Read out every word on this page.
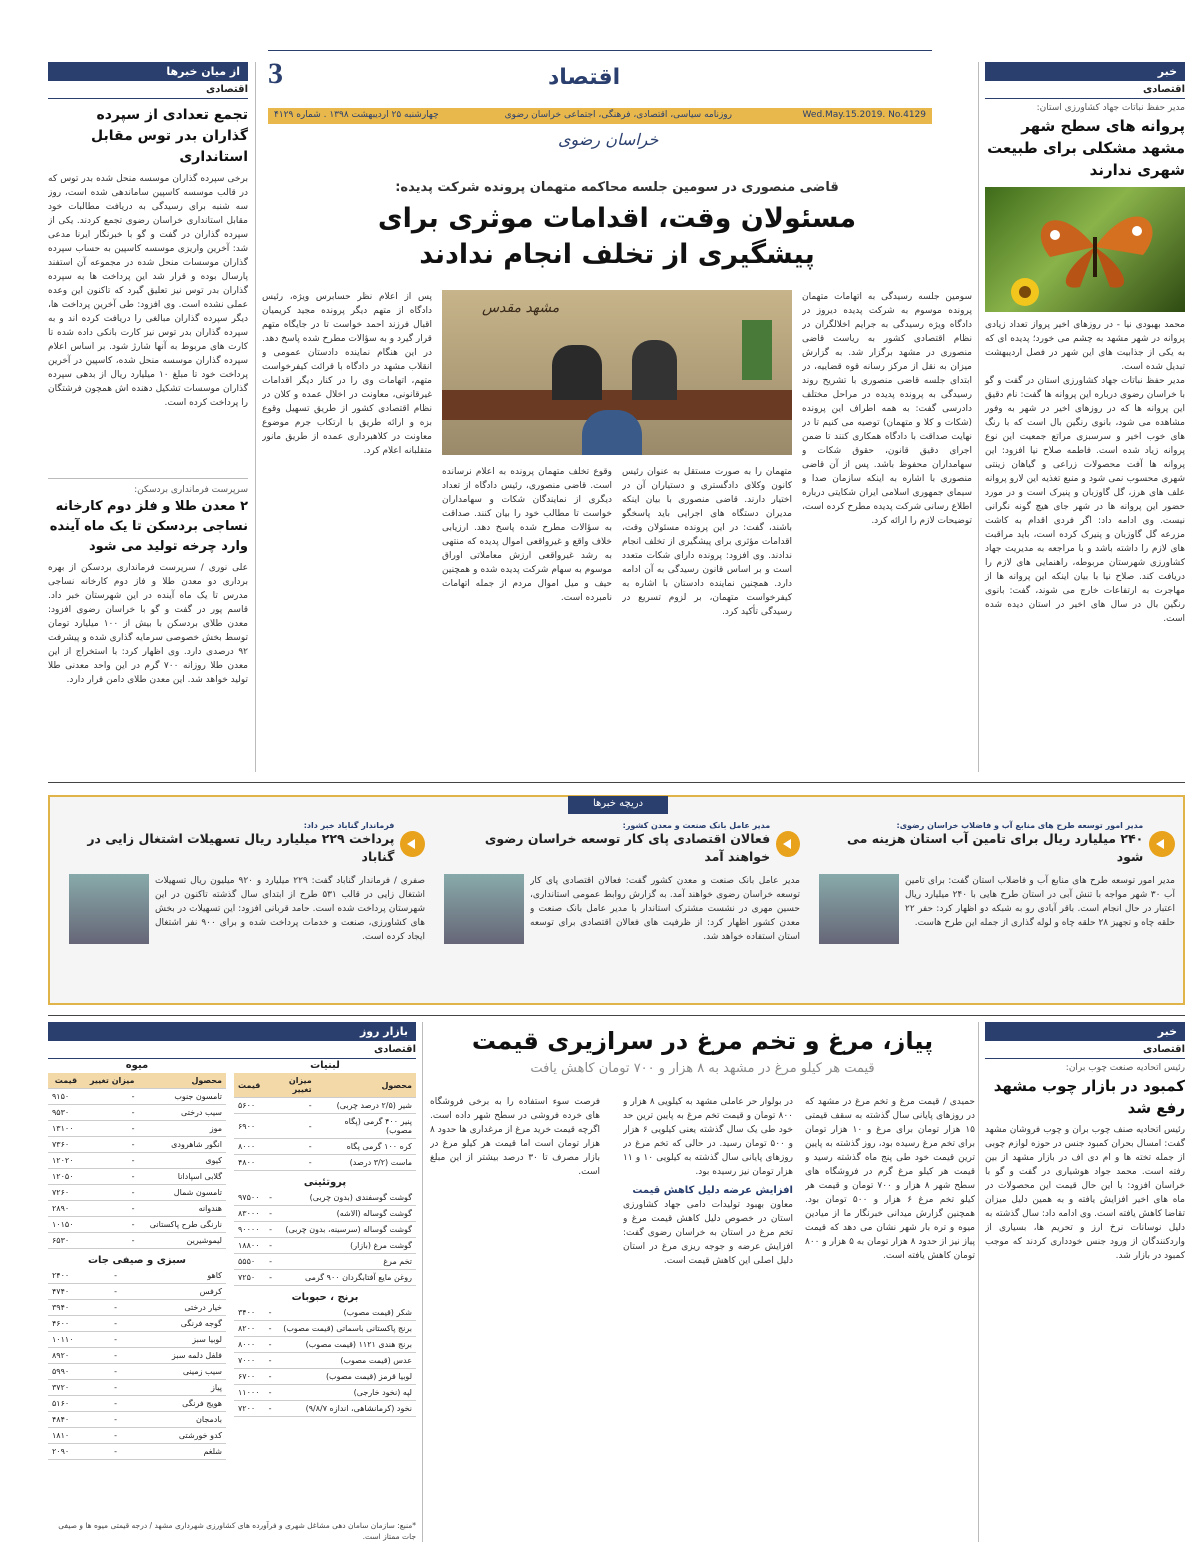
3	اقتصاد
Wed.May.15.2019. No.4129
روزنامه سیاسی، اقتصادی، فرهنگی، اجتماعی خراسان رضوی
چهارشنبه ۲۵ اردیبهشت ۱۳۹۸ . شماره ۴۱۲۹
خراسان رضوی
خبر
اقتصادی
مدیر حفظ نباتات جهاد کشاورزی استان:
پروانه های سطح شهر مشهد مشکلی برای طبیعت شهری ندارند
محمد بهبودی نیا - در روزهای اخیر پرواز تعداد زیادی پروانه در شهر مشهد به چشم می خورد؛ پدیده ای که به یکی از جذابیت های این شهر در فصل اردیبهشت تبدیل شده است.
مدیر حفظ نباتات جهاد کشاورزی استان در گفت و گو با خراسان رضوی درباره این پروانه ها گفت: نام دقیق این پروانه ها که در روزهای اخیر در شهر به وفور مشاهده می شود، بانوی رنگین بال است که با رنگ های خوب اخیر و سرسبزی مراتع جمعیت این نوع پروانه زیاد شده است. فاطمه صلاح نیا افزود: این پروانه ها آفت محصولات زراعی و گیاهان زینتی شهری محسوب نمی شود و منبع تغذیه این لارو پروانه علف های هرز، گل گاوزبان و پنیرک است و در مورد حضور این پروانه ها در شهر جای هیچ گونه نگرانی نیست. وی ادامه داد: اگر فردی اقدام به کاشت مزرعه گل گاوزبان و پنیرک کرده است، باید مراقبت های لازم را داشته باشد و با مراجعه به مدیریت جهاد کشاورزی شهرستان مربوطه، راهنمایی های لازم را دریافت کند. صلاح نیا با بیان اینکه این پروانه ها از مهاجرت به ارتفاعات خارج می شوند، گفت: بانوی رنگین بال در سال های اخیر در استان دیده شده است.
از میان خبرها
اقتصادی
تجمع تعدادی از سپرده گذاران بدر توس مقابل استانداری
برخی سپرده گذاران موسسه منحل شده بدر توس که در قالب موسسه کاسپین ساماندهی شده است، روز سه شنبه برای رسیدگی به دریافت مطالبات خود مقابل استانداری خراسان رضوی تجمع کردند. یکی از سپرده گذاران در گفت و گو با خبرنگار ایرنا مدعی شد: آخرین واریزی موسسه کاسپین به حساب سپرده گذاران موسسات منحل شده در مجموعه آن استفند پارسال بوده و قرار شد این پرداخت ها به سپرده گذاران بدر توس نیز تعلیق گیرد که تاکنون این وعده عملی نشده است. وی افزود: طی آخرین پرداخت ها، دیگر سپرده گذاران مبالغی را دریافت کرده اند و به سپرده گذاران بدر توس نیز کارت بانکی داده شده تا کارت های مربوط به آنها شارژ شود. بر اساس اعلام سپرده گذاران موسسه منحل شده، کاسپین در آخرین پرداخت خود تا مبلغ ۱۰ میلیارد ریال از بدهی سپرده گذاران موسسات تشکیل دهنده اش همچون فرشتگان را پرداخت کرده است.
سرپرست فرمانداری بردسکن:
۲ معدن طلا و فلز دوم کارخانه نساجی بردسکن تا یک ماه آینده وارد چرخه تولید می شود
علی نوری / سرپرست فرمانداری بردسکن از بهره برداری دو معدن طلا و فاز دوم کارخانه نساجی مدرس تا یک ماه آینده در این شهرستان خبر داد. قاسم پور در گفت و گو با خراسان رضوی افزود: معدن طلای بردسکن با بیش از ۱۰۰ میلیارد تومان توسط بخش خصوصی سرمایه گذاری شده و پیشرفت ۹۲ درصدی دارد. وی اظهار کرد: با استخراج از این معدن طلا روزانه ۷۰۰ گرم در این واحد معدنی طلا تولید خواهد شد. این معدن طلای دامن قرار دارد.
قاضی منصوری در سومین جلسه محاکمه متهمان پرونده شرکت پدیده:
مسئولان وقت، اقدامات موثری برای پیشگیری از تخلف انجام ندادند
سومین جلسه رسیدگی به اتهامات متهمان پرونده موسوم به شرکت پدیده دیروز در دادگاه ویژه رسیدگی به جرایم اخلالگران در نظام اقتصادی کشور به ریاست قاضی منصوری در مشهد برگزار شد. به گزارش میزان به نقل از مرکز رسانه قوه قضاییه، در ابتدای جلسه قاضی منصوری با تشریح روند رسیدگی به پرونده پدیده در مراحل مختلف دادرسی گفت: به همه اطراف این پرونده (شکات و کلا و متهمان) توصیه می کنیم تا در نهایت صداقت با دادگاه همکاری کنند تا ضمن اجرای دقیق قانون، حقوق شکات و سهامداران محفوظ باشد. پس از آن قاضی منصوری با اشاره به اینکه سازمان صدا و سیمای جمهوری اسلامی ایران شکایتی درباره اطلاع رسانی شرکت پدیده مطرح کرده است، توضیحات لازم را ارائه کرد.
متهمان را به صورت مستقل به عنوان رئیس کانون وکلای دادگستری و دستیاران آن در اختیار دارند. قاضی منصوری با بیان اینکه مدیران دستگاه های اجرایی باید پاسخگو باشند، گفت: در این پرونده مسئولان وقت، اقدامات مؤثری برای پیشگیری از تخلف انجام ندادند. وی افزود: پرونده دارای شکات متعدد است و بر اساس قانون رسیدگی به آن ادامه دارد. همچنین نماینده دادستان با اشاره به کیفرخواست متهمان، بر لزوم تسریع در رسیدگی تأکید کرد.
وقوع تخلف متهمان پرونده به اعلام نرسانده است. قاضی منصوری، رئیس دادگاه از تعداد دیگری از نمایندگان شکات و سهامداران خواست تا مطالب خود را بیان کنند. صداقت به سؤالات مطرح شده پاسخ دهد. ارزیابی خلاف واقع و غیرواقعی اموال پدیده که منتهی به رشد غیرواقعی ارزش معاملاتی اوراق موسوم به سهام شرکت پدیده شده و همچنین حیف و میل اموال مردم از جمله اتهامات نامبرده است.
پس از اعلام نظر حسابرس ویژه، رئیس دادگاه از متهم دیگر پرونده مجید کریمیان اقبال فرزند احمد خواست تا در جایگاه متهم قرار گیرد و به سؤالات مطرح شده پاسخ دهد. در این هنگام نماینده دادستان عمومی و انقلاب مشهد در دادگاه با قرائت کیفرخواست متهم، اتهامات وی را در کنار دیگر اقدامات غیرقانونی، معاونت در اخلال عمده و کلان در نظام اقتصادی کشور از طریق تسهیل وقوع بزه و ارائه طریق با ارتکاب جرم موضوع معاونت در کلاهبرداری عمده از طریق مانور متقلبانه اعلام کرد.
مشهد مقدس
دریچه خبرها
مدیر امور توسعه طرح های منابع آب و فاضلاب خراسان رضوی:
۲۴۰ میلیارد ریال برای تامین آب استان هزینه می شود
مدیر امور توسعه طرح های منابع آب و فاضلاب استان گفت: برای تامین آب ۳۰ شهر مواجه با تنش آبی در استان طرح هایی با ۲۴۰ میلیارد ریال اعتبار در حال انجام است. باقر آبادی رو به شبکه دو اظهار کرد: حفر ۲۲ حلقه چاه و تجهیز ۲۸ حلقه چاه و لوله گذاری از جمله این طرح هاست.
مدیر عامل بانک صنعت و معدن کشور:
فعالان اقتصادی پای کار توسعه خراسان رضوی خواهند آمد
مدیر عامل بانک صنعت و معدن کشور گفت: فعالان اقتصادی پای کار توسعه خراسان رضوی خواهند آمد. به گزارش روابط عمومی استانداری، حسین مهری در نشست مشترک استاندار با مدیر عامل بانک صنعت و معدن کشور اظهار کرد: از ظرفیت های فعالان اقتصادی برای توسعه استان استفاده خواهد شد.
فرماندار گناباد خبر داد:
پرداخت ۲۲۹ میلیارد ریال تسهیلات اشتغال زایی در گناباد
صفری / فرماندار گناباد گفت: ۲۲۹ میلیارد و ۹۲۰ میلیون ریال تسهیلات اشتغال زایی در قالب ۵۳۱ طرح از ابتدای سال گذشته تاکنون در این شهرستان پرداخت شده است. حامد قربانی افزود: این تسهیلات در بخش های کشاورزی، صنعت و خدمات پرداخت شده و برای ۹۰۰ نفر اشتغال ایجاد کرده است.
بازار روز
اقتصادی
میوه
محصول	میزان تغییر	قیمت
تامسون جنوب	-	۹۱۵۰
سیب درختی	-	۹۵۳۰
موز	-	۱۳۱۰۰
انگور شاهرودی	-	۷۳۶۰
کیوی	-	۱۲۰۲۰
گلابی اسپادانا	-	۱۲۰۵۰
تامسون شمال	-	۷۲۶۰
هندوانه	-	۲۸۹۰
نارنگی طرح پاکستانی	-	۱۰۱۵۰
لیموشیرین	-	۶۵۳۰
سبزی و صیفی جات
کاهو	-	۲۴۰۰
کرفس	-	۴۷۴۰
خیار درختی	-	۳۹۴۰
گوجه فرنگی	-	۴۶۰۰
لوبیا سبز	-	۱۰۱۱۰
فلفل دلمه سبز	-	۸۹۲۰
سیب زمینی	-	۵۹۹۰
پیاز	-	۳۷۲۰
هویج فرنگی	-	۵۱۶۰
بادمجان	-	۴۸۴۰
کدو خورشتی	-	۱۸۱۰
شلغم	-	۲۰۹۰
لبنیات
محصول	میزان تغییر	قیمت
شیر (۲/۵ درصد چربی)	-	۵۶۰۰
پنیر ۴۰۰ گرمی (پگاه مصوب)	-	۶۹۰۰
کره ۱۰۰ گرمی پگاه	-	۸۰۰۰
ماست (۳/۲ درصد)	-	۴۸۰۰
پروتئینی
گوشت گوسفندی (بدون چربی)	-	۹۷۵۰۰
گوشت گوساله (الاشه)	-	۸۳۰۰۰
گوشت گوساله (سرسینه، بدون چربی)	-	۹۰۰۰۰
گوشت مرغ (بازار)	-	۱۸۸۰۰
تخم مرغ	-	۵۵۵۰
روغن مایع آفتابگردان ۹۰۰ گرمی	-	۷۲۵۰
برنج ، حبوبات
شکر (قیمت مصوب)	-	۳۴۰۰
برنج پاکستانی باسماتی (قیمت مصوب)	-	۸۲۰۰
برنج هندی ۱۱۲۱ (قیمت مصوب)	-	۸۰۰۰
عدس (قیمت مصوب)	-	۷۰۰۰
لوبیا قرمز (قیمت مصوب)	-	۶۷۰۰
لپه (نخود خارجی)	-	۱۱۰۰۰
نخود (کرمانشاهی، اندازه ۹/۸/۷)	-	۷۲۰۰
*منبع: سازمان سامان دهی مشاغل شهری و فرآورده های کشاورزی شهرداری مشهد / درجه قیمتی میوه ها و صیفی جات ممتاز است.
پیاز، مرغ و تخم مرغ در سرازیری قیمت
قیمت هر کیلو مرغ در مشهد به ۸ هزار و ۷۰۰ تومان کاهش یافت
حمیدی / قیمت مرغ و تخم مرغ در مشهد که در روزهای پایانی سال گذشته به سقف قیمتی ۱۵ هزار تومان برای مرغ و ۱۰ هزار تومان برای تخم مرغ رسیده بود، روز گذشته به پایین ترین قیمت خود طی پنج ماه گذشته رسید و قیمت هر کیلو مرغ گرم در فروشگاه های سطح شهر ۸ هزار و ۷۰۰ تومان و قیمت هر کیلو تخم مرغ ۶ هزار و ۵۰۰ تومان بود. همچنین گزارش میدانی خبرنگار ما از میادین میوه و تره بار شهر نشان می دهد که قیمت پیاز نیز از حدود ۸ هزار تومان به ۵ هزار و ۸۰۰ تومان کاهش یافته است.
در بولوار حر عاملی مشهد به کیلویی ۸ هزار و ۸۰۰ تومان و قیمت تخم مرغ به پایین ترین حد خود طی یک سال گذشته یعنی کیلویی ۶ هزار و ۵۰۰ تومان رسید. در حالی که تخم مرغ در روزهای پایانی سال گذشته به کیلویی ۱۰ و ۱۱ هزار تومان نیز رسیده بود.
افزایش عرضه دلیل کاهش قیمت
معاون بهبود تولیدات دامی جهاد کشاورزی استان در خصوص دلیل کاهش قیمت مرغ و تخم مرغ در استان به خراسان رضوی گفت: افزایش عرضه و جوجه ریزی مرغ در استان دلیل اصلی این کاهش قیمت است.
فرصت سوء استفاده را به برخی فروشگاه های خرده فروشی در سطح شهر داده است. اگرچه قیمت خرید مرغ از مرغداری ها حدود ۸ هزار تومان است اما قیمت هر کیلو مرغ در بازار مصرف تا ۳۰ درصد بیشتر از این مبلغ است.
خبر
اقتصادی
رئیس اتحادیه صنعت چوب بران:
کمبود در بازار چوب مشهد رفع شد
رئیس اتحادیه صنف چوب بران و چوب فروشان مشهد گفت: امسال بحران کمبود جنس در حوزه لوازم چوبی از جمله تخته ها و ام دی اف در بازار مشهد از بین رفته است. محمد جواد هوشیاری در گفت و گو با خراسان افزود: با این حال قیمت این محصولات در ماه های اخیر افزایش یافته و به همین دلیل میزان تقاضا کاهش یافته است. وی ادامه داد: سال گذشته به دلیل نوسانات نرخ ارز و تحریم ها، بسیاری از واردکنندگان از ورود جنس خودداری کردند که موجب کمبود در بازار شد.
